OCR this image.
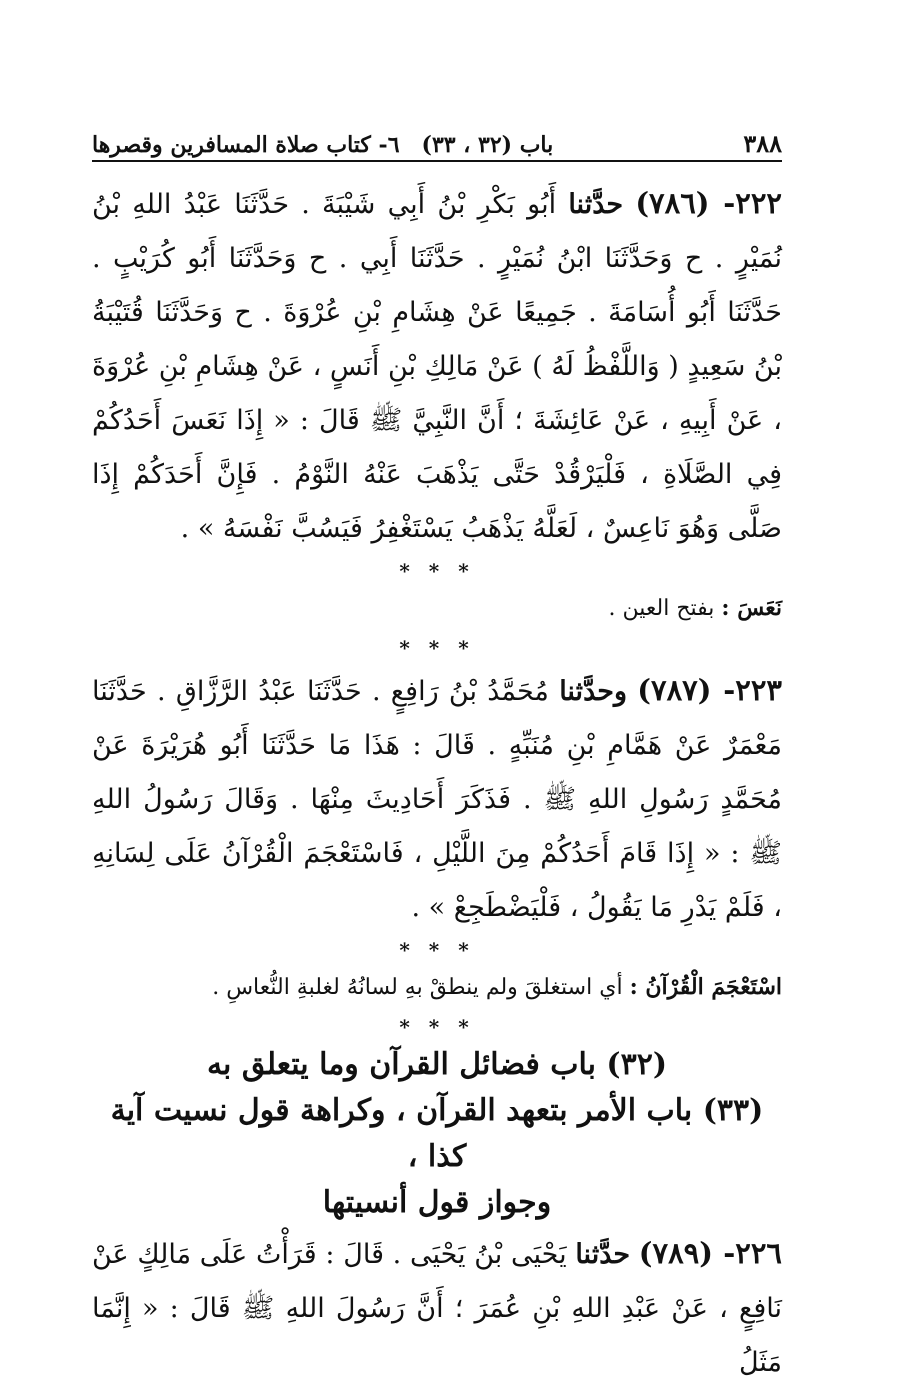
٣٨٨
باب (٣٢ ، ٣٣)
٦- كتاب صلاة المسافرين وقصرها

٢٢٢- (٧٨٦) حدَّثنا أَبُو بَكْرِ بْنُ أَبِي شَيْبَةَ . حَدَّثَنَا عَبْدُ اللهِ بْنُ نُمَيْرٍ . ح وَحَدَّثَنَا ابْنُ نُمَيْرٍ . حَدَّثَنَا أَبِي . ح وَحَدَّثَنَا أَبُو كُرَيْبٍ . حَدَّثَنَا أَبُو أُسَامَةَ . جَمِيعًا عَنْ هِشَامِ بْنِ عُرْوَةَ . ح وَحَدَّثَنَا قُتَيْبَةُ بْنُ سَعِيدٍ ( وَاللَّفْظُ لَهُ ) عَنْ مَالِكِ بْنِ أَنَسٍ ، عَنْ هِشَامِ بْنِ عُرْوَةَ ، عَنْ أَبِيهِ ، عَنْ عَائِشَةَ ؛ أَنَّ النَّبِيَّ ﷺ قَالَ : « إِذَا نَعَسَ أَحَدُكُمْ فِي الصَّلَاةِ ، فَلْيَرْقُدْ حَتَّى يَذْهَبَ عَنْهُ النَّوْمُ . فَإِنَّ أَحَدَكُمْ إِذَا صَلَّى وَهُوَ نَاعِسٌ ، لَعَلَّهُ يَذْهَبُ يَسْتَغْفِرُ فَيَسُبَّ نَفْسَهُ » .

* * *

نَعَسَ : بفتح العين .

* * *

٢٢٣- (٧٨٧) وحدَّثنا مُحَمَّدُ بْنُ رَافِعٍ . حَدَّثَنَا عَبْدُ الرَّزَّاقِ . حَدَّثَنَا مَعْمَرٌ عَنْ هَمَّامِ بْنِ مُنَبِّهٍ . قَالَ : هَذَا مَا حَدَّثَنَا أَبُو هُرَيْرَةَ عَنْ مُحَمَّدٍ رَسُولِ اللهِ ﷺ . فَذَكَرَ أَحَادِيثَ مِنْهَا . وَقَالَ رَسُولُ اللهِ ﷺ : « إِذَا قَامَ أَحَدُكُمْ مِنَ اللَّيْلِ ، فَاسْتَعْجَمَ الْقُرْآنُ عَلَى لِسَانِهِ ، فَلَمْ يَدْرِ مَا يَقُولُ ، فَلْيَضْطَجِعْ » .

* * *

اسْتَعْجَمَ الْقُرْآنُ : أي استغلقَ ولم ينطقْ بهِ لسانُهُ لغلبةِ النُّعاسِ .

* * *

(٣٢) باب فضائل القرآن وما يتعلق به

(٣٣) باب الأمر بتعهد القرآن ، وكراهة قول نسيت آية كذا ،

وجواز قول أنسيتها

٢٢٦- (٧٨٩) حدَّثنا يَحْيَى بْنُ يَحْيَى . قَالَ : قَرَأْتُ عَلَى مَالِكٍ عَنْ نَافِعٍ ، عَنْ عَبْدِ اللهِ بْنِ عُمَرَ ؛ أَنَّ رَسُولَ اللهِ ﷺ قَالَ : « إِنَّمَا مَثَلُ
